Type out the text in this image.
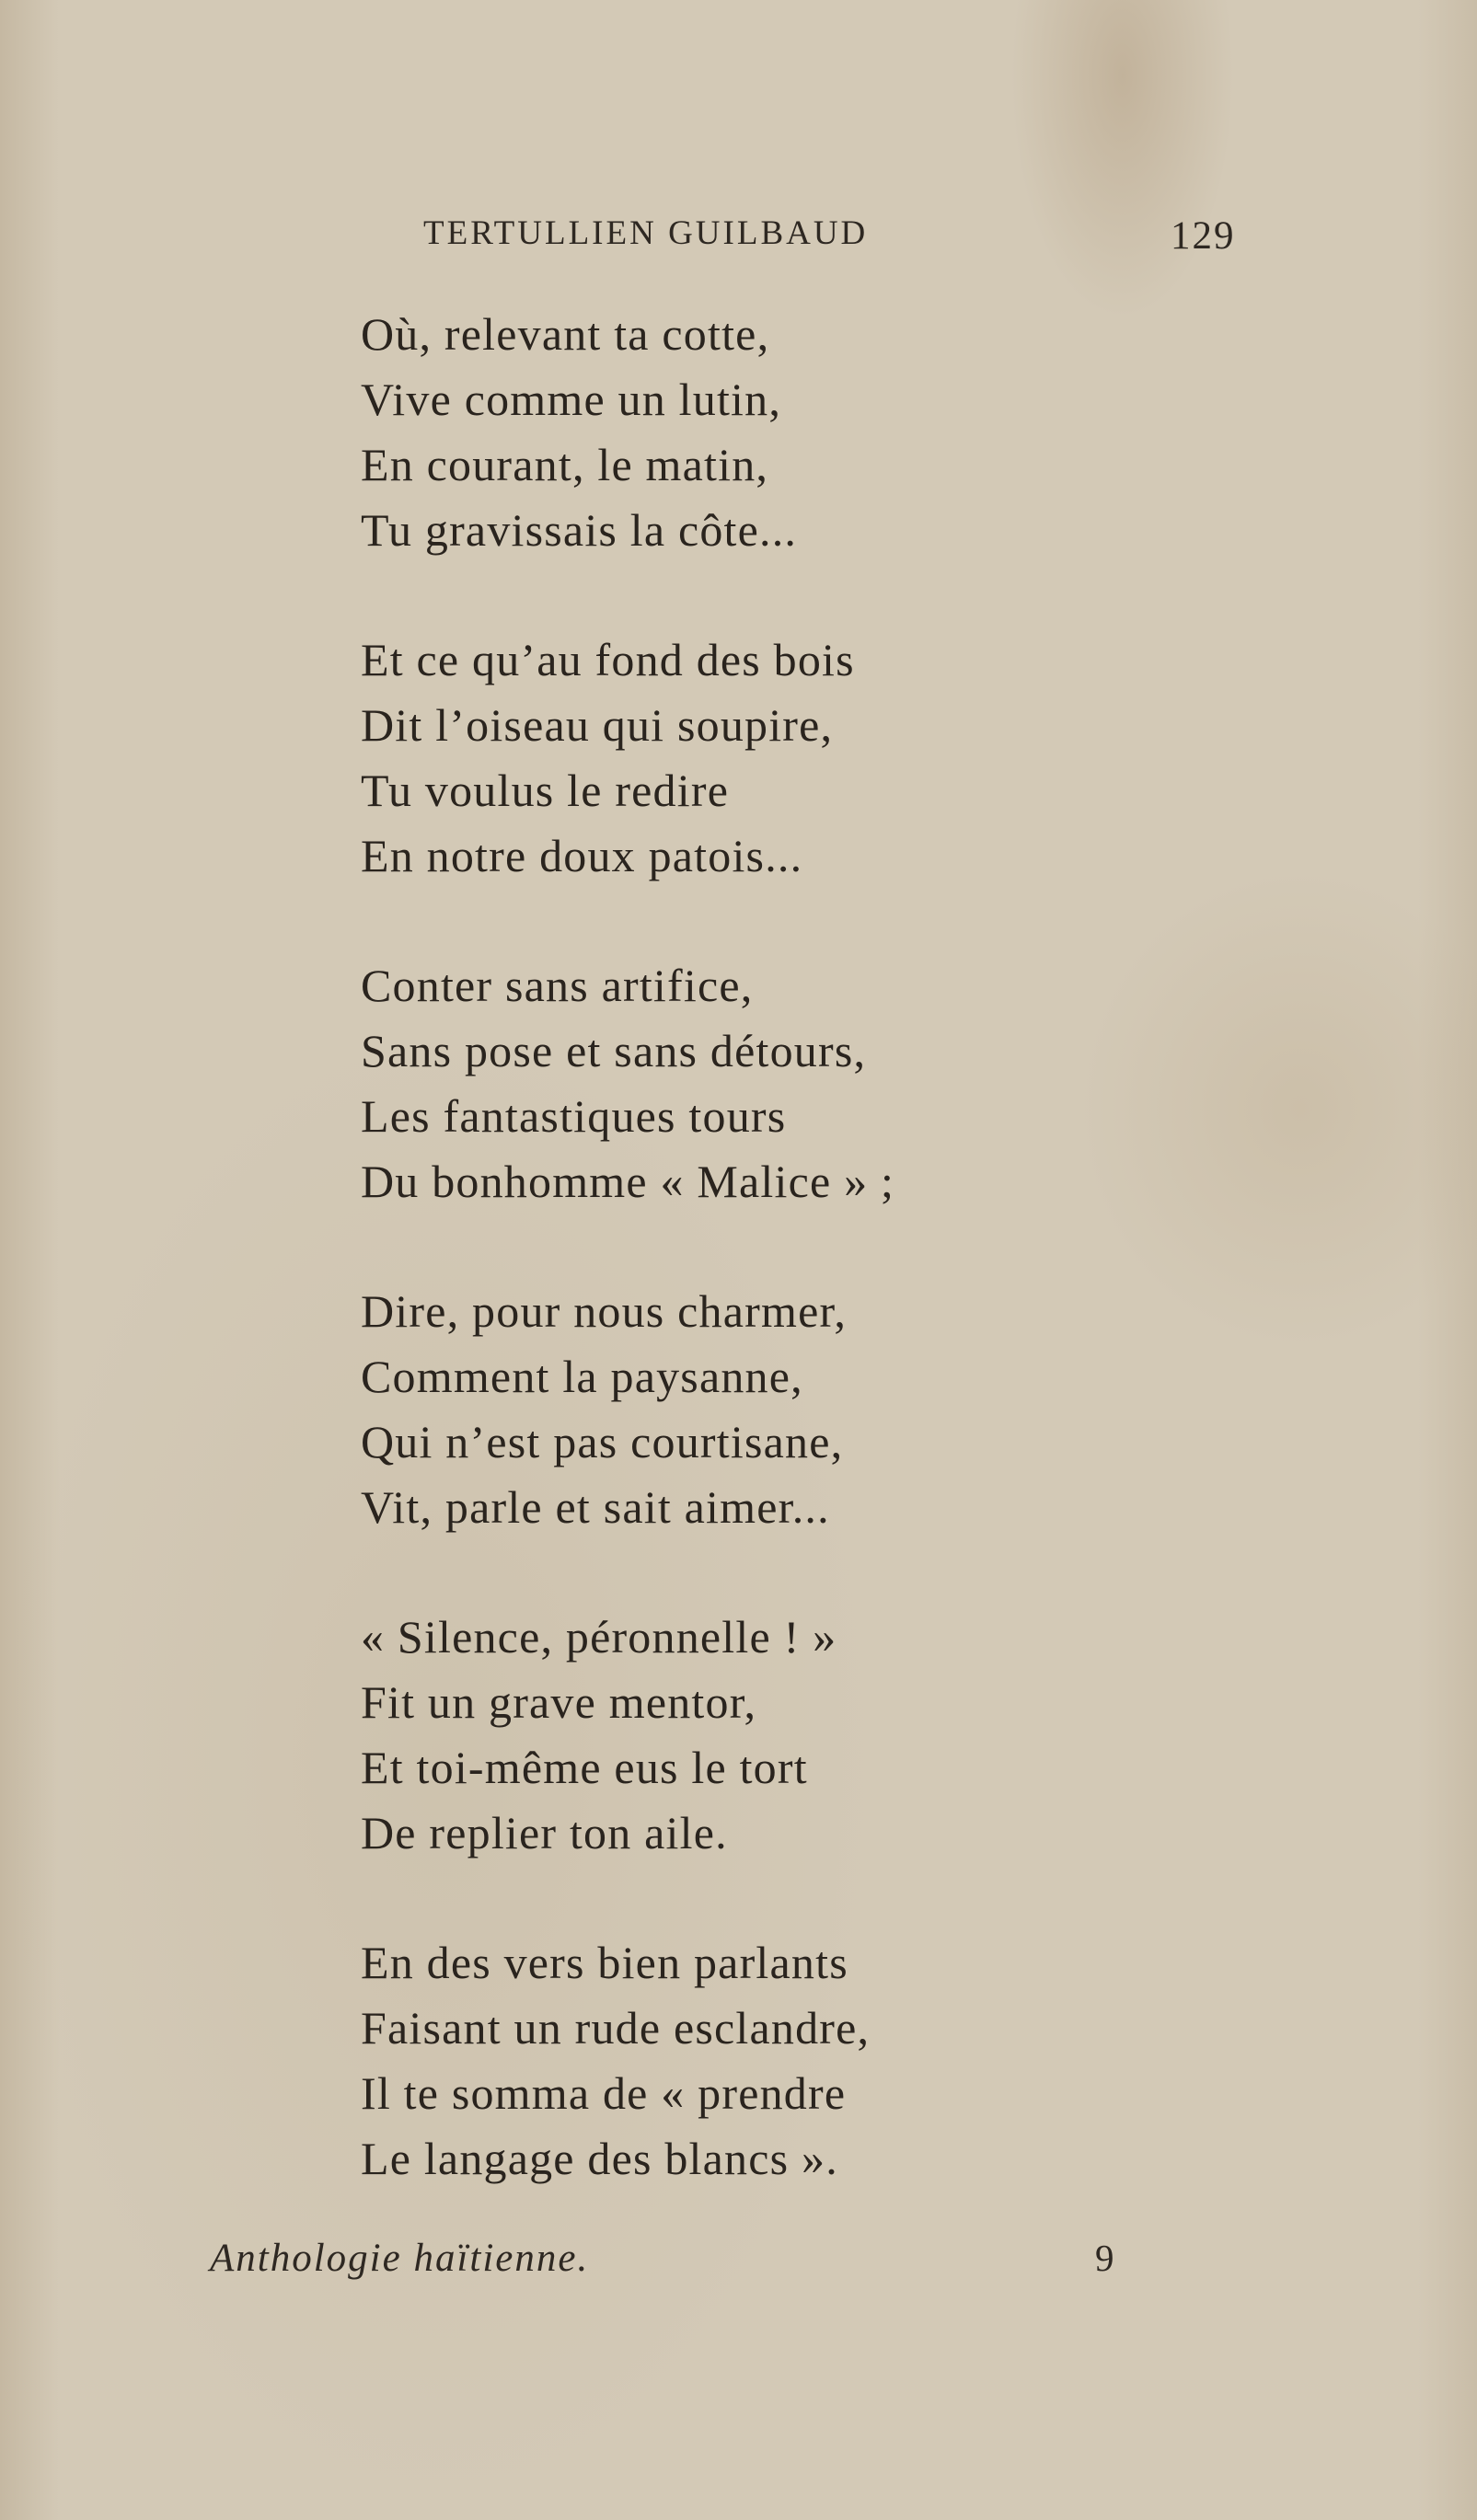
TERTULLIEN GUILBAUD	129
Où, relevant ta cotte,
Vive comme un lutin,
En courant, le matin,
Tu gravissais la côte...
Et ce qu’au fond des bois
Dit l’oiseau qui soupire,
Tu voulus le redire
En notre doux patois...
Conter sans artifice,
Sans pose et sans détours,
Les fantastiques tours
Du bonhomme « Malice » ;
Dire, pour nous charmer,
Comment la paysanne,
Qui n’est pas courtisane,
Vit, parle et sait aimer...
« Silence, péronnelle ! »
Fit un grave mentor,
Et toi-même eus le tort
De replier ton aile.
En des vers bien parlants
Faisant un rude esclandre,
Il te somma de « prendre
Le langage des blancs ».
Anthologie haïtienne.	9
